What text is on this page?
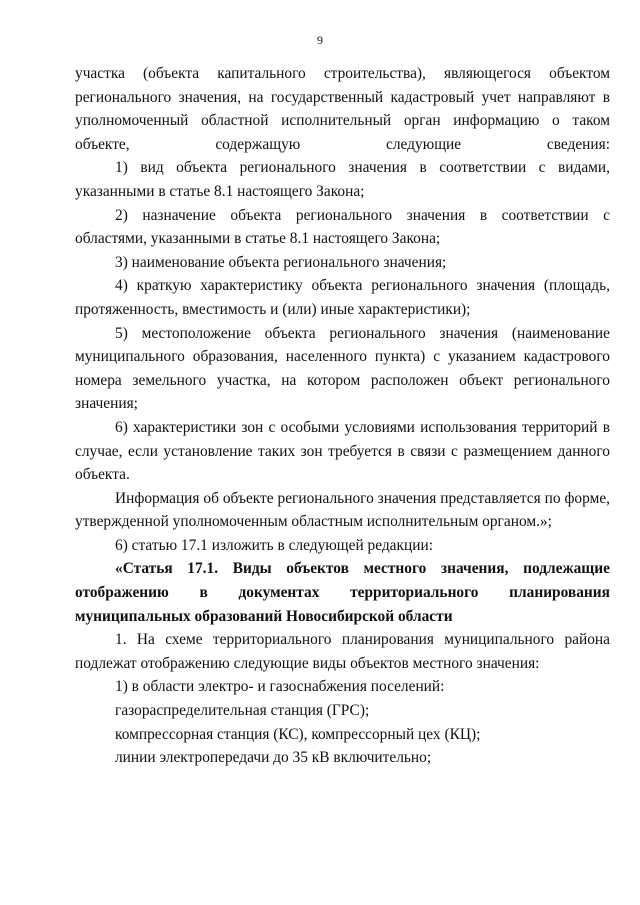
9

участка (объекта капитального строительства), являющегося объектом регионального значения, на государственный кадастровый учет направляют в уполномоченный областной исполнительный орган информацию о таком объекте, содержащую следующие сведения:

1) вид объекта регионального значения в соответствии с видами, указанными в статье 8.1 настоящего Закона;

2) назначение объекта регионального значения в соответствии с областями, указанными в статье 8.1 настоящего Закона;

3) наименование объекта регионального значения;

4) краткую характеристику объекта регионального значения (площадь, протяженность, вместимость и (или) иные характеристики);

5) местоположение объекта регионального значения (наименование муниципального образования, населенного пункта) с указанием кадастрового номера земельного участка, на котором расположен объект регионального значения;

6) характеристики зон с особыми условиями использования территорий в случае, если установление таких зон требуется в связи с размещением данного объекта.

Информация об объекте регионального значения представляется по форме, утвержденной уполномоченным областным исполнительным органом.»;

6) статью 17.1 изложить в следующей редакции:

«Статья 17.1. Виды объектов местного значения, подлежащие отображению в документах территориального планирования муниципальных образований Новосибирской области

1. На схеме территориального планирования муниципального района подлежат отображению следующие виды объектов местного значения:

1) в области электро- и газоснабжения поселений:

газораспределительная станция (ГРС);

компрессорная станция (КС), компрессорный цех (КЦ);

линии электропередачи до 35 кВ включительно;
